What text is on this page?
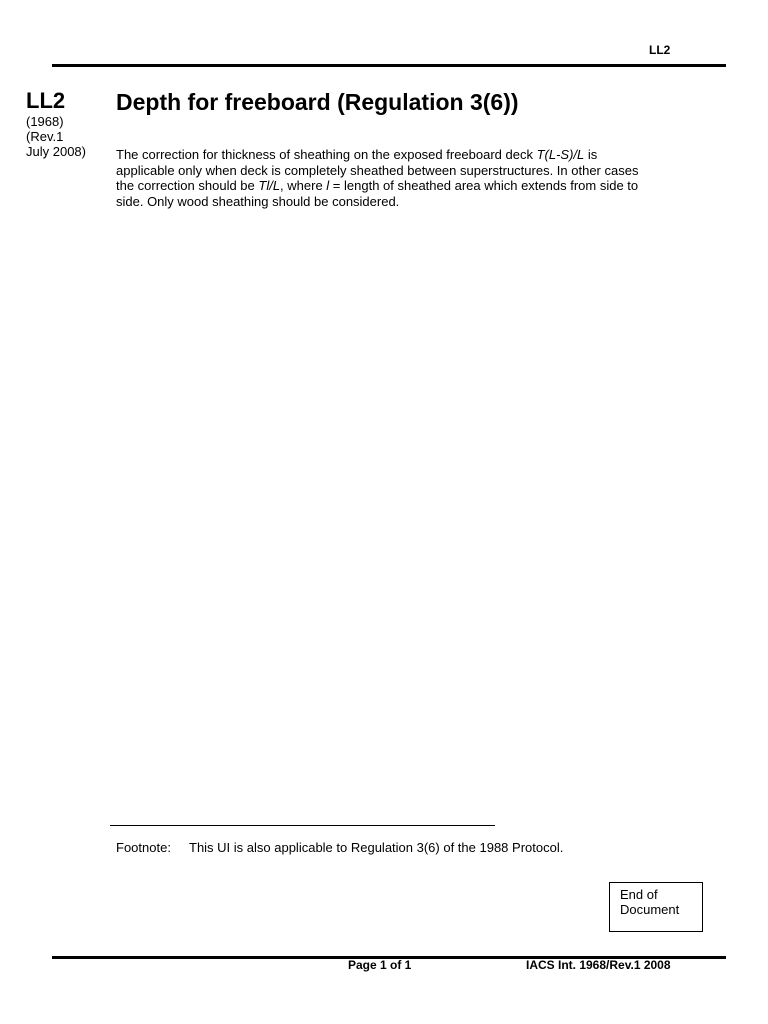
LL2
LL2
(1968)
(Rev.1
July 2008)
Depth for freeboard (Regulation 3(6))
The correction for thickness of sheathing on the exposed freeboard deck T(L-S)/L is
applicable only when deck is completely sheathed between superstructures. In other cases
the correction should be Tl/L, where l = length of sheathed area which extends from side to
side. Only wood sheathing should be considered.
Footnote: This UI is also applicable to Regulation 3(6) of the 1988 Protocol.
End of
Document
Page 1 of 1	IACS Int. 1968/Rev.1 2008
